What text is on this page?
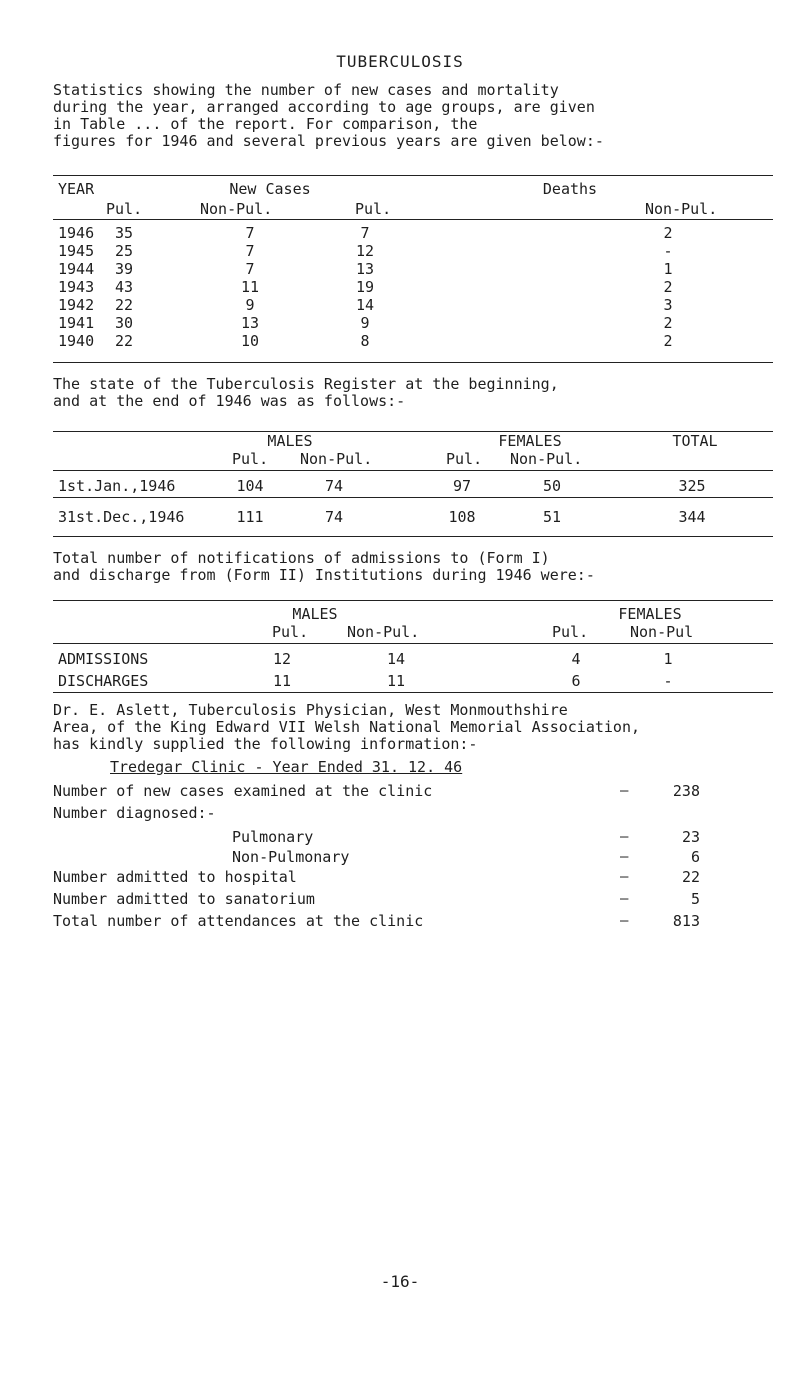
TUBERCULOSIS
Statistics showing the number of new cases and mortality
during the year, arranged according to age groups, are given
in Table ... of the report. For comparison, the
figures for 1946 and several previous years are given below:-
YEAR	New Cases	Deaths
Pul.	Non-Pul.	Pul.	Non-Pul.
1946	35	7	7	2
1945	25	7	12	-
1944	39	7	13	1
1943	43	11	19	2
1942	22	9	14	3
1941	30	13	9	2
1940	22	10	8	2
The state of the Tuberculosis Register at the beginning,
and at the end of 1946 was as follows:-
MALES	FEMALES	TOTAL
Pul. Non-Pul.	Pul. Non-Pul.
1st.Jan.,1946	104	74	97	50	325
31st.Dec.,1946	111	74	108	51	344
Total number of notifications of admissions to (Form I)
and discharge from (Form II) Institutions during 1946 were:-
MALES	FEMALES
Pul.	Non-Pul.	Pul.	Non-Pul
ADMISSIONS	12	14	4	1
DISCHARGES	11	11	6	-
Dr. E. Aslett, Tuberculosis Physician, West Monmouthshire
Area, of the King Edward VII Welsh National Memorial Association,
has kindly supplied the following information:-
Tredegar Clinic - Year Ended 31. 12. 46
Number of new cases examined at the clinic	—	238
Number diagnosed:-
Pulmonary	—	23
Non-Pulmonary	—	6
Number admitted to hospital	—	22
Number admitted to sanatorium	—	5
Total number of attendances at the clinic	—	813
-16-
